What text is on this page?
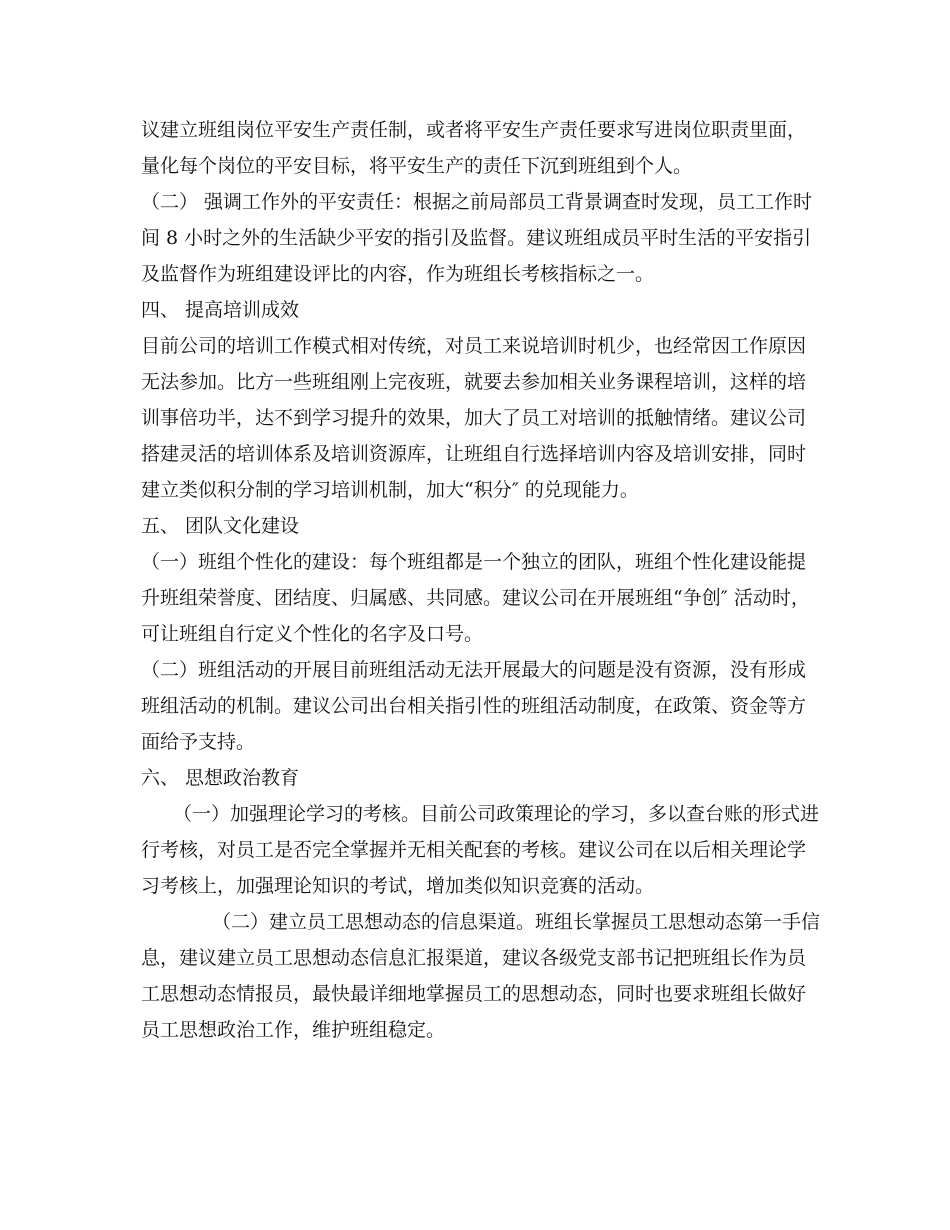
议建立班组岗位平安生产责任制，或者将平安生产责任要求写进岗位职责里面，
量化每个岗位的平安目标，将平安生产的责任下沉到班组到个人。
（二） 强调工作外的平安责任：根据之前局部员工背景调查时发现，员工工作时
间 8 小时之外的生活缺少平安的指引及监督。建议班组成员平时生活的平安指引
及监督作为班组建设评比的内容，作为班组长考核指标之一。
四、 提高培训成效
目前公司的培训工作模式相对传统，对员工来说培训时机少，也经常因工作原因
无法参加。比方一些班组刚上完夜班，就要去参加相关业务课程培训，这样的培
训事倍功半，达不到学习提升的效果，加大了员工对培训的抵触情绪。建议公司
搭建灵活的培训体系及培训资源库，让班组自行选择培训内容及培训安排，同时
建立类似积分制的学习培训机制，加大“积分″ 的兑现能力。
五、 团队文化建设
（一）班组个性化的建设：每个班组都是一个独立的团队，班组个性化建设能提
升班组荣誉度、团结度、归属感、共同感。建议公司在开展班组“争创″ 活动时，
可让班组自行定义个性化的名字及口号。
（二）班组活动的开展目前班组活动无法开展最大的问题是没有资源，没有形成
班组活动的机制。建议公司出台相关指引性的班组活动制度，在政策、资金等方
面给予支持。
六、 思想政治教育
（一）加强理论学习的考核。目前公司政策理论的学习，多以查台账的形式进
行考核，对员工是否完全掌握并无相关配套的考核。建议公司在以后相关理论学
习考核上，加强理论知识的考试，增加类似知识竞赛的活动。
（二）建立员工思想动态的信息渠道。班组长掌握员工思想动态第一手信
息，建议建立员工思想动态信息汇报渠道，建议各级党支部书记把班组长作为员
工思想动态情报员，最快最详细地掌握员工的思想动态，同时也要求班组长做好
员工思想政治工作，维护班组稳定。
